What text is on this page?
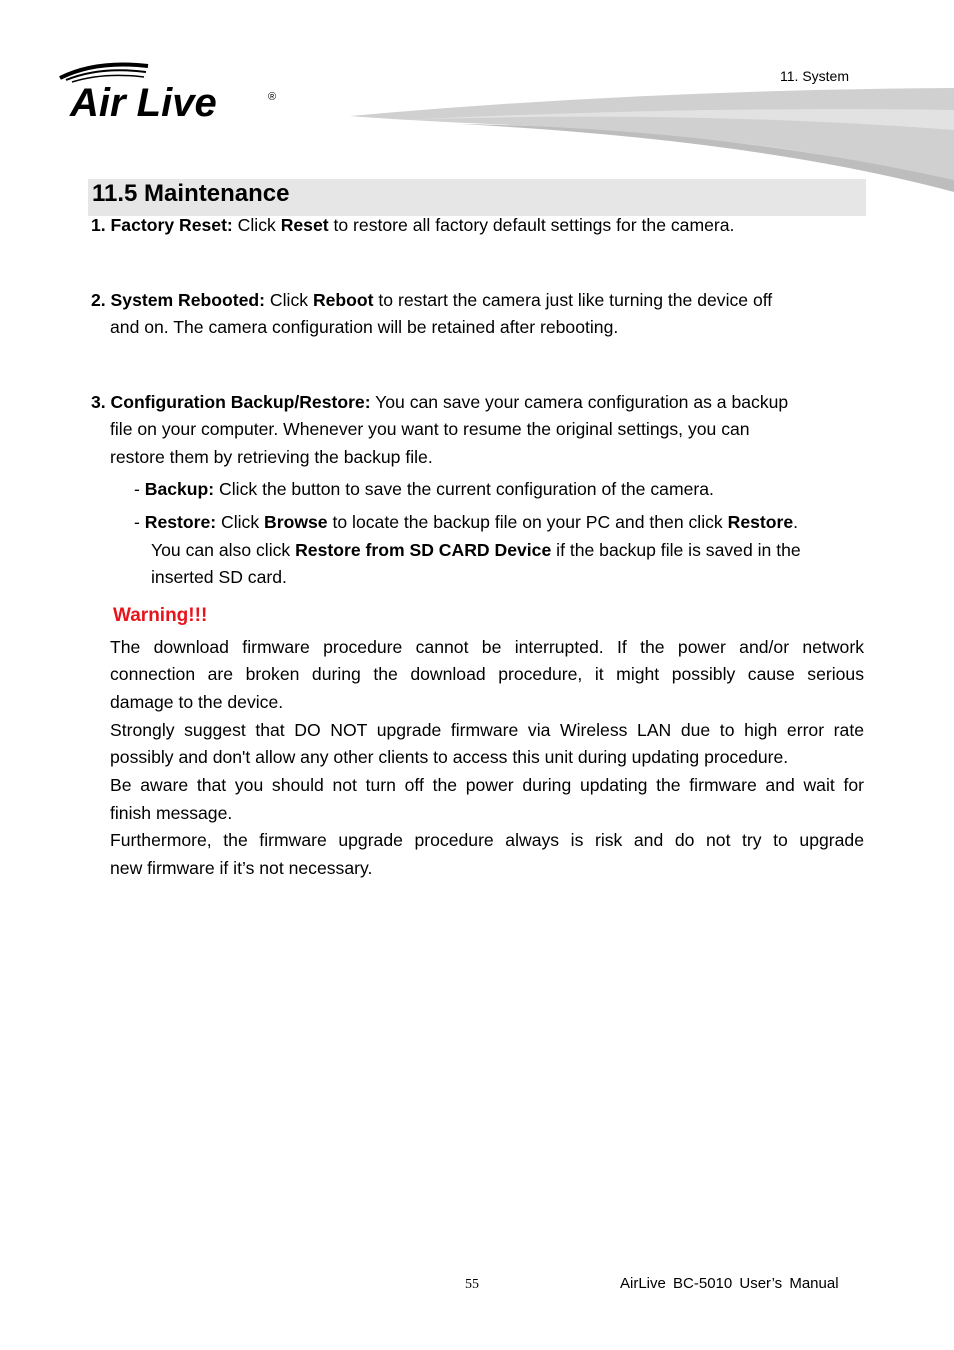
11. System
Air Live	®
11.5 Maintenance
1. Factory Reset: Click Reset to restore all factory default settings for the camera.
2. System Rebooted: Click Reboot to restart the camera just like turning the device off
and on. The camera configuration will be retained after rebooting.
3. Configuration Backup/Restore: You can save your camera configuration as a backup
file on your computer. Whenever you want to resume the original settings, you can
restore them by retrieving the backup file.
- Backup: Click the button to save the current configuration of the camera.
- Restore: Click Browse to locate the backup file on your PC and then click Restore.
You can also click Restore from SD CARD Device if the backup file is saved in the
inserted SD card.
Warning!!!
The download firmware procedure cannot be interrupted. If the power and/or network
connection are broken during the download procedure, it might possibly cause serious
damage to the device.
Strongly suggest that DO NOT upgrade firmware via Wireless LAN due to high error rate
possibly and don't allow any other clients to access this unit during updating procedure.
Be aware that you should not turn off the power during updating the firmware and wait for
finish message.
Furthermore, the firmware upgrade procedure always is risk and do not try to upgrade
new firmware if it’s not necessary.
55	AirLive BC-5010 User’s Manual
